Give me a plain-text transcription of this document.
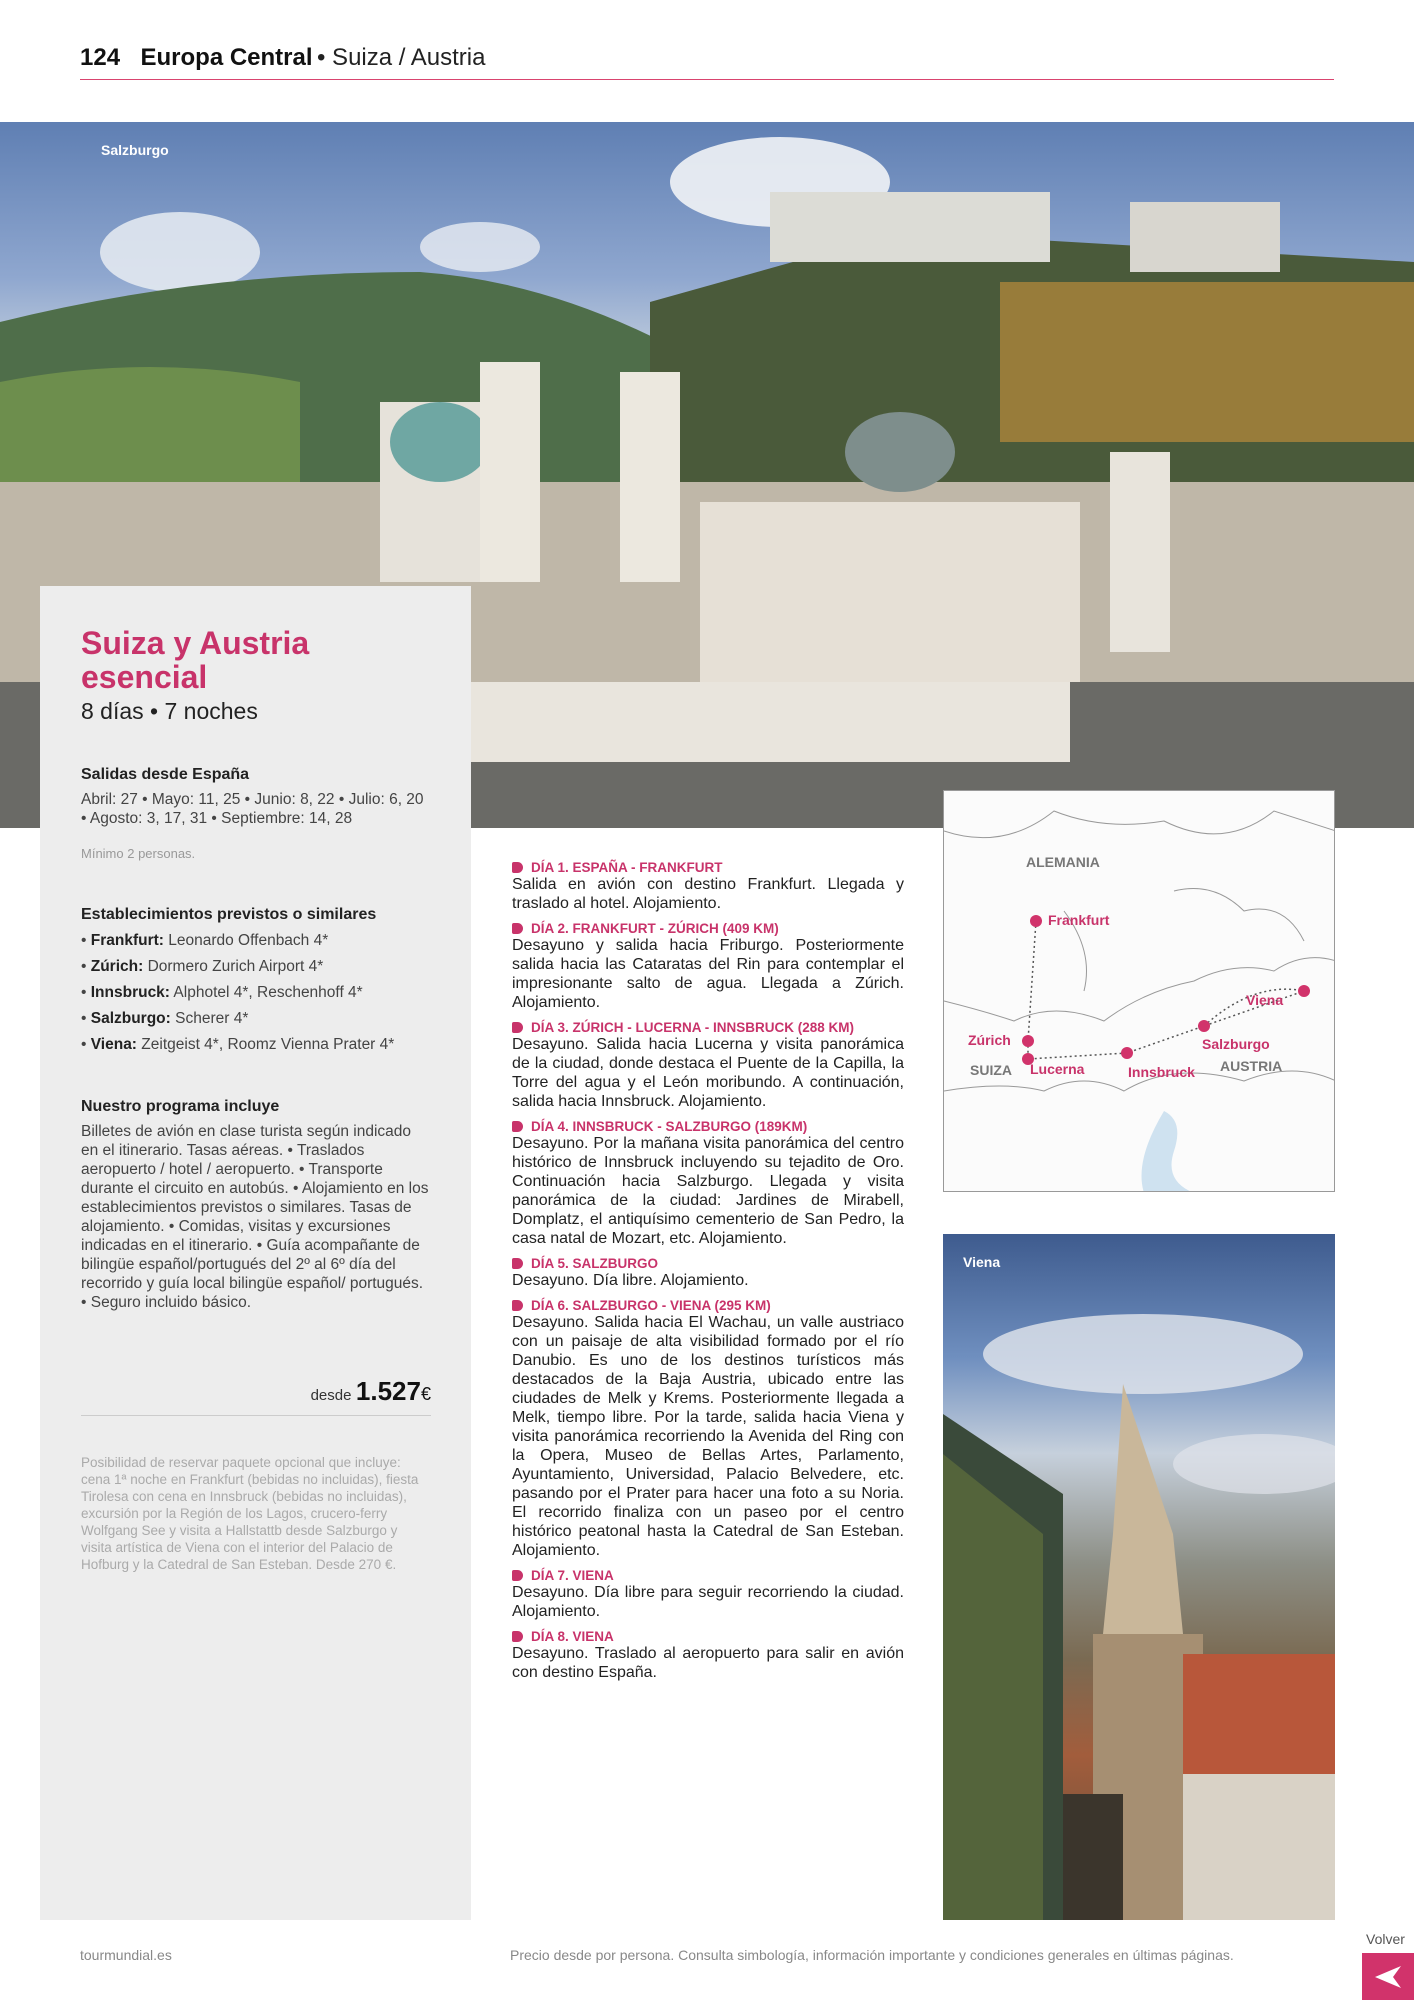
124 Europa Central • Suiza / Austria
Salzburgo
Suiza y Austria esencial
8 días • 7 noches
Salidas desde España

Abril: 27 • Mayo: 11, 25 • Junio: 8, 22 • Julio: 6, 20 • Agosto: 3, 17, 31 • Septiembre: 14, 28

Mínimo 2 personas.
Establecimientos previstos o similares
• Frankfurt: Leonardo Offenbach 4*
• Zúrich: Dormero Zurich Airport 4*
• Innsbruck: Alphotel 4*, Reschenhoff 4*
• Salzburgo: Scherer 4*
• Viena: Zeitgeist 4*, Roomz Vienna Prater 4*
Nuestro programa incluye

Billetes de avión en clase turista según indicado en el itinerario. Tasas aéreas. • Traslados aeropuerto / hotel / aeropuerto. • Transporte durante el circuito en autobús. • Alojamiento en los establecimientos previstos o similares. Tasas de alojamiento. • Comidas, visitas y excursiones indicadas en el itinerario. • Guía acompañante de bilingüe español/portugués del 2º al 6º día del recorrido y guía local bilingüe español/ portugués. • Seguro incluido básico.

desde 1.527€
Posibilidad de reservar paquete opcional que incluye: cena 1ª noche en Frankfurt (bebidas no incluidas), fiesta Tirolesa con cena en Innsbruck (bebidas no incluidas), excursión por la Región de los Lagos, crucero-ferry Wolfgang See y visita a Hallstattb desde Salzburgo y visita artística de Viena con el interior del Palacio de Hofburg y la Catedral de San Esteban. Desde 270 €.
DÍA 1. ESPAÑA - FRANKFURT
Salida en avión con destino Frankfurt. Llegada y traslado al hotel. Alojamiento.
DÍA 2. FRANKFURT - ZÚRICH (409 KM)
Desayuno y salida hacia Friburgo. Posteriormente salida hacia las Cataratas del Rin para contemplar el impresionante salto de agua. Llegada a Zúrich. Alojamiento.
DÍA 3. ZÚRICH - LUCERNA - INNSBRUCK (288 KM)
Desayuno. Salida hacia Lucerna y visita panorámica de la ciudad, donde destaca el Puente de la Capilla, la Torre del agua y el León moribundo. A continuación, salida hacia Innsbruck. Alojamiento.
DÍA 4. INNSBRUCK - SALZBURGO (189KM)
Desayuno. Por la mañana visita panorámica del centro histórico de Innsbruck incluyendo su tejadito de Oro. Continuación hacia Salzburgo. Llegada y visita panorámica de la ciudad: Jardines de Mirabell, Domplatz, el antiquísimo cementerio de San Pedro, la casa natal de Mozart, etc. Alojamiento.
DÍA 5. SALZBURGO
Desayuno. Día libre. Alojamiento.
DÍA 6. SALZBURGO - VIENA (295 KM)
Desayuno. Salida hacia El Wachau, un valle austriaco con un paisaje de alta visibilidad formado por el río Danubio. Es uno de los destinos turísticos más destacados de la Baja Austria, ubicado entre las ciudades de Melk y Krems. Posteriormente llegada a Melk, tiempo libre. Por la tarde, salida hacia Viena y visita panorámica recorriendo la Avenida del Ring con la Opera, Museo de Bellas Artes, Parlamento, Ayuntamiento, Universidad, Palacio Belvedere, etc. pasando por el Prater para hacer una foto a su Noria. El recorrido finaliza con un paseo por el centro histórico peatonal hasta la Catedral de San Esteban. Alojamiento.
DÍA 7. VIENA
Desayuno. Día libre para seguir recorriendo la ciudad. Alojamiento.
DÍA 8. VIENA
Desayuno. Traslado al aeropuerto para salir en avión con destino España.
ALEMANIA
SUIZA	AUSTRIA
Frankfurt
Zúrich
Lucerna	Innsbruck
Salzburgo
Viena
Viena
tourmundial.es	Precio desde por persona. Consulta simbología, información importante y condiciones generales en últimas páginas.
Volver
